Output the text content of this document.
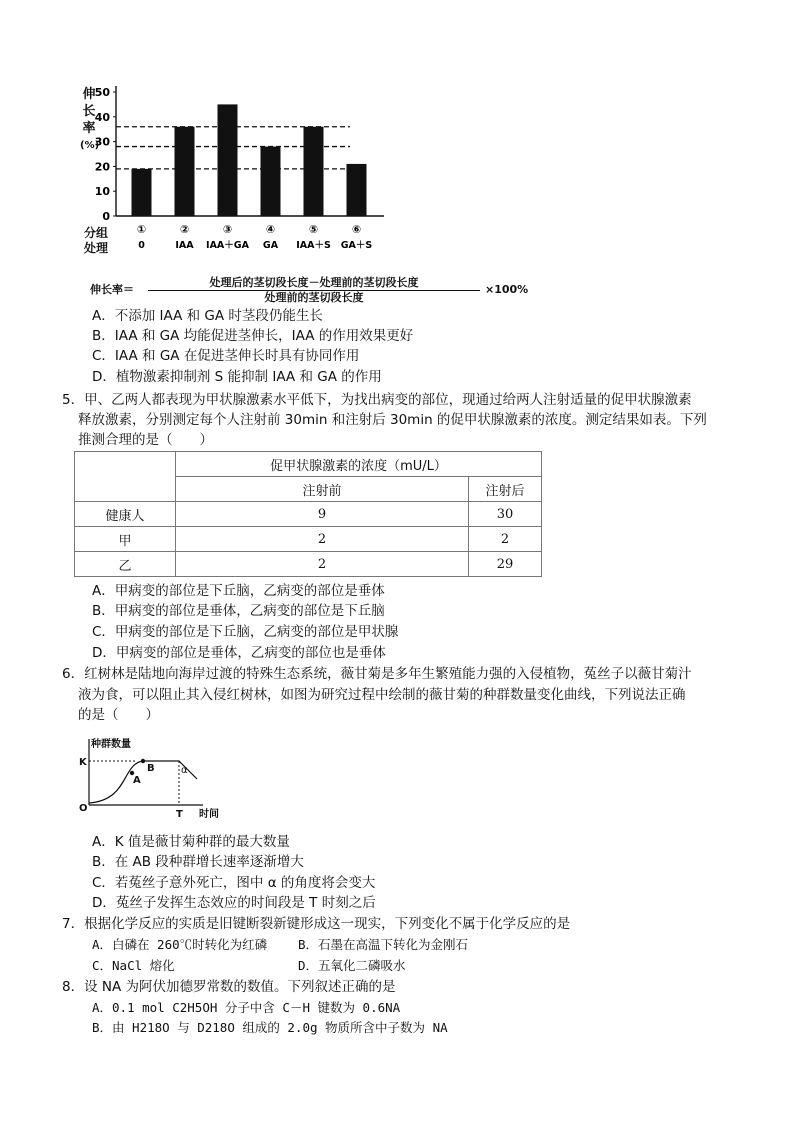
0
10
20
30
40
50
①
0
②
IAA
③
IAA＋GA
④
GA
⑤
IAA＋S
⑥
GA＋S
伸
长
率
(%)
分组
处理
伸长率＝
处理后的茎切段长度－处理前的茎切段长度
处理前的茎切段长度
×100%
A．不添加 IAA 和 GA 时茎段仍能生长
B．IAA 和 GA 均能促进茎伸长，IAA 的作用效果更好
C．IAA 和 GA 在促进茎伸长时具有协同作用
D．植物激素抑制剂 S 能抑制 IAA 和 GA 的作用
5．甲、乙两人都表现为甲状腺激素水平低下，为找出病变的部位，现通过给两人注射适量的促甲状腺激素
释放激素，分别测定每个人注射前 30min 和注射后 30min 的促甲状腺激素的浓度。测定结果如表。下列
推测合理的是（　　）
	促甲状腺激素的浓度（mU/L）	
	注射前	注射后
健康人	9	30
甲	2	2
乙	2	29
A．甲病变的部位是下丘脑，乙病变的部位是垂体
B．甲病变的部位是垂体，乙病变的部位是下丘脑
C．甲病变的部位是下丘脑，乙病变的部位是甲状腺
D．甲病变的部位是垂体，乙病变的部位也是垂体
6．红树林是陆地向海岸过渡的特殊生态系统，薇甘菊是多年生繁殖能力强的入侵植物，菟丝子以薇甘菊汁
液为食，可以阻止其入侵红树林，如图为研究过程中绘制的薇甘菊的种群数量变化曲线，下列说法正确
的是（　　）
种群数量
K
O
T 时间
A
B	α
A．K 值是薇甘菊种群的最大数量
B．在 AB 段种群增长速率逐渐增大
C．若菟丝子意外死亡，图中 α 的角度将会变大
D．菟丝子发挥生态效应的时间段是 T 时刻之后
7．根据化学反应的实质是旧键断裂新键形成这一现实，下列变化不属于化学反应的是
A．白磷在 260℃时转化为红磷 B．石墨在高温下转化为金刚石
C．NaCl 熔化	D．五氧化二磷吸水
8．设 NA 为阿伏加德罗常数的数值。下列叙述正确的是
A．0.1 mol C2H5OH 分子中含 C－H 键数为 0.6NA
B．由 H218O 与 D218O 组成的 2.0g 物质所含中子数为 NA
